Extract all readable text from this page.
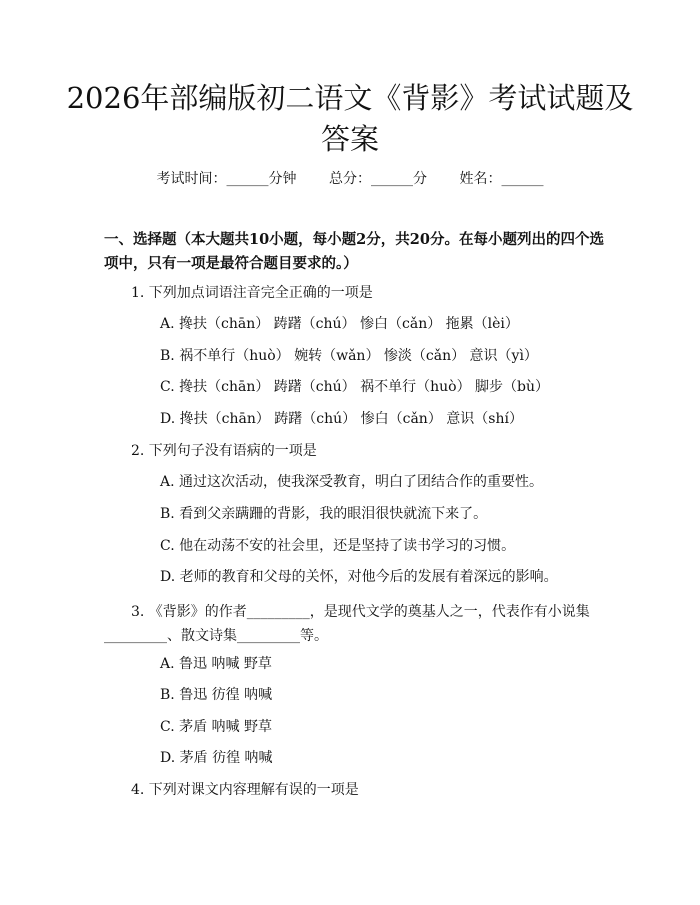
2026年部编版初二语文《背影》考试试题及答案
考试时间：______分钟 总分：______分 姓名：______

一、选择题（本大题共10小题，每小题2分，共20分。在每小题列出的四个选项中，只有一项是最符合题目要求的。）

1. 下列加点词语注音完全正确的一项是
A. 搀扶（chān） 踌躇（chú） 惨白（cǎn） 拖累（lèi）
B. 祸不单行（huò） 婉转（wǎn） 惨淡（cǎn） 意识（yì）
C. 搀扶（chān） 踌躇（chú） 祸不单行（huò） 脚步（bù）
D. 搀扶（chān） 踌躇（chú） 惨白（cǎn） 意识（shí）
2. 下列句子没有语病的一项是
A. 通过这次活动，使我深受教育，明白了团结合作的重要性。
B. 看到父亲蹒跚的背影，我的眼泪很快就流下来了。
C. 他在动荡不安的社会里，还是坚持了读书学习的习惯。
D. 老师的教育和父母的关怀，对他今后的发展有着深远的影响。

3. 《背影》的作者_________，是现代文学的奠基人之一，代表作有小说集_________、散文诗集_________等。

A. 鲁迅 呐喊 野草
B. 鲁迅 彷徨 呐喊
C. 茅盾 呐喊 野草
D. 茅盾 彷徨 呐喊
4. 下列对课文内容理解有误的一项是
